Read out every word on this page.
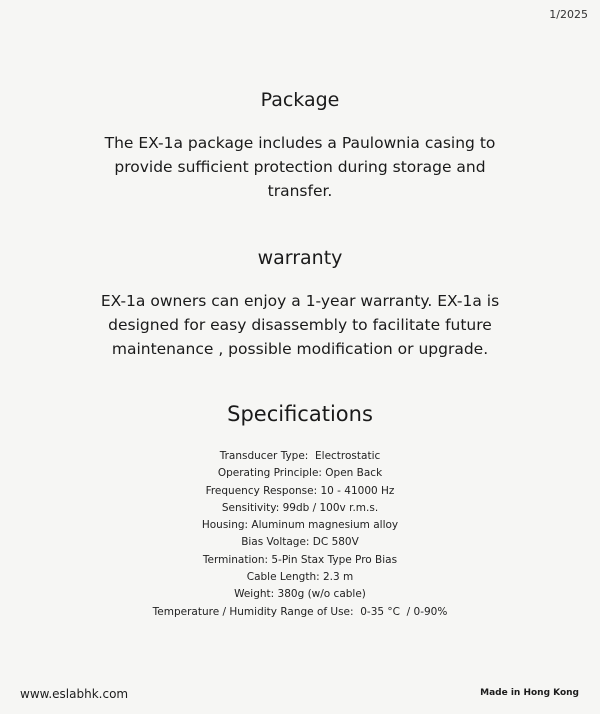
1/2025
Package
The EX-1a package includes a Paulownia casing to
provide sufficient protection during storage and
transfer.
warranty
EX-1a owners can enjoy a 1-year warranty. EX-1a is
designed for easy disassembly to facilitate future
maintenance , possible modification or upgrade.
Specifications
Transducer Type:  Electrostatic
Operating Principle: Open Back
Frequency Response: 10 - 41000 Hz
Sensitivity: 99db / 100v r.m.s.
Housing: Aluminum magnesium alloy
Bias Voltage: DC 580V
Termination: 5-Pin Stax Type Pro Bias
Cable Length: 2.3 m
Weight: 380g (w/o cable)
Temperature / Humidity Range of Use:  0-35 °C  / 0-90%
www.eslabhk.com	Made in Hong Kong
